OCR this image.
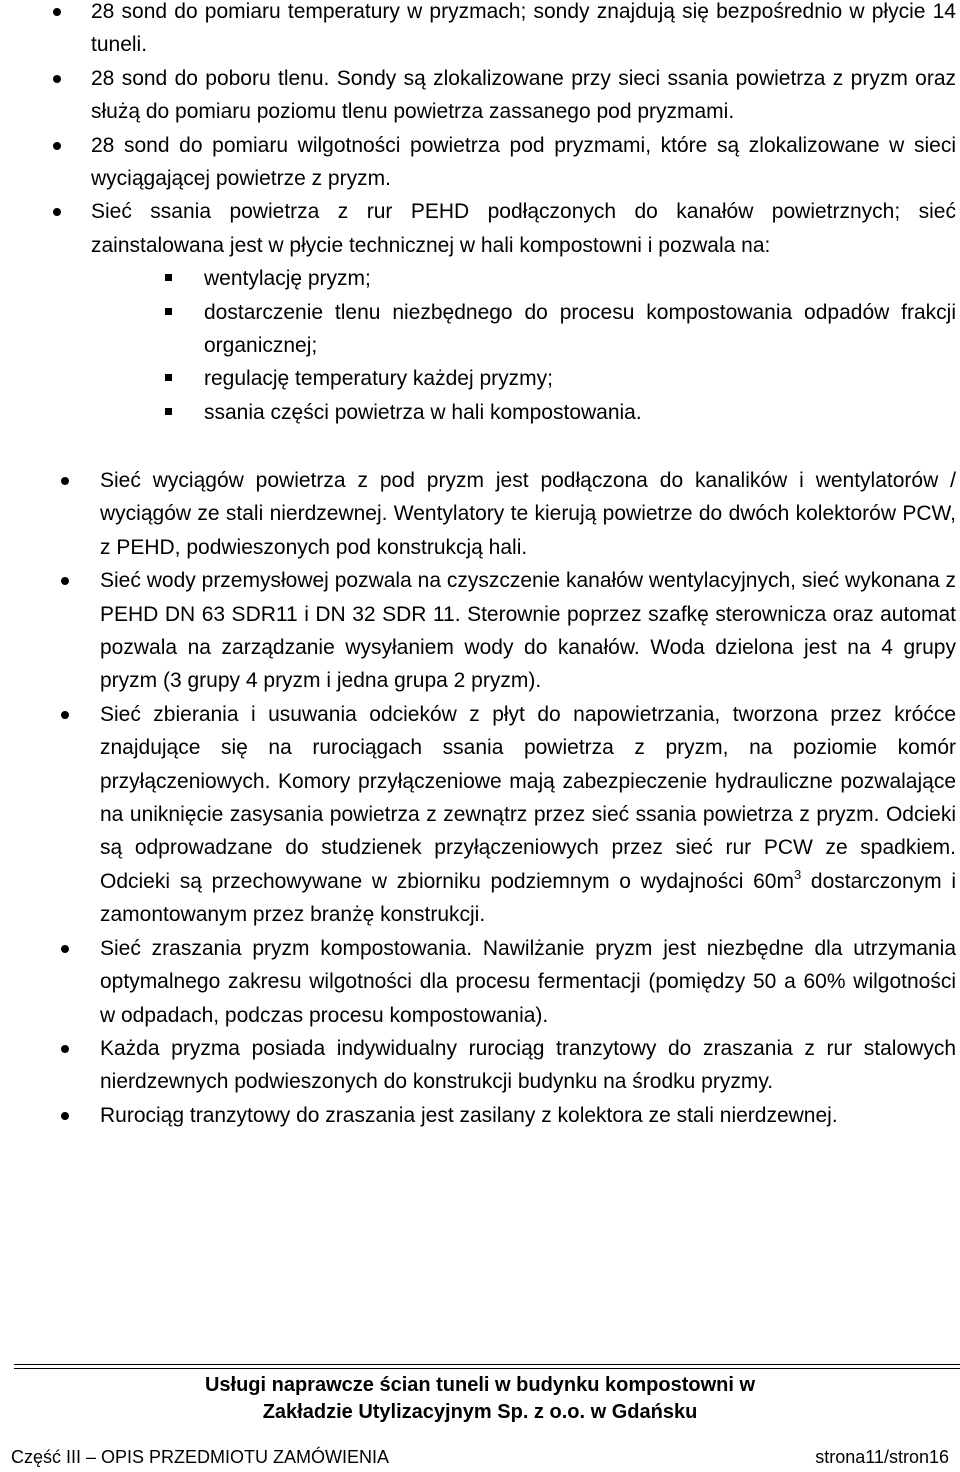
28 sond do pomiaru temperatury w pryzmach; sondy znajdują się bezpośrednio w płycie 14 tuneli.

28 sond do poboru tlenu. Sondy są zlokalizowane przy sieci ssania powietrza z pryzm oraz służą do pomiaru poziomu tlenu powietrza zassanego pod pryzmami.

28 sond do pomiaru wilgotności powietrza pod pryzmami, które są zlokalizowane w sieci wyciągającej powietrze z pryzm.

Sieć ssania powietrza z rur PEHD podłączonych do kanałów powietrznych; sieć zainstalowana jest w płycie technicznej w hali kompostowni i pozwala na:

wentylację pryzm;
dostarczenie tlenu niezbędnego do procesu kompostowania odpadów frakcji organicznej;
regulację temperatury każdej pryzmy;
ssania części powietrza w hali kompostowania.

Sieć wyciągów powietrza z pod pryzm jest podłączona do kanalików i wentylatorów / wyciągów ze stali nierdzewnej. Wentylatory te kierują powietrze do dwóch kolektorów PCW, z PEHD, podwieszonych pod konstrukcją hali.

Sieć wody przemysłowej pozwala na czyszczenie kanałów wentylacyjnych, sieć wykonana z PEHD DN 63 SDR11 i DN 32 SDR 11. Sterownie poprzez szafkę sterownicza oraz automat pozwala na zarządzanie wysyłaniem wody do kanałów. Woda dzielona jest na 4 grupy pryzm (3 grupy 4 pryzm i jedna grupa 2 pryzm).

Sieć zbierania i usuwania odcieków z płyt do napowietrzania, tworzona przez króćce znajdujące się na rurociągach ssania powietrza z pryzm, na poziomie komór przyłączeniowych. Komory przyłączeniowe mają zabezpieczenie hydrauliczne pozwalające na uniknięcie zasysania powietrza z zewnątrz przez sieć ssania powietrza z pryzm. Odcieki są odprowadzane do studzienek przyłączeniowych przez sieć rur PCW ze spadkiem. Odcieki są przechowywane w zbiorniku podziemnym o wydajności $60m^3$ dostarczonym i zamontowanym przez branżę konstrukcji.

Sieć zraszania pryzm kompostowania. Nawilżanie pryzm jest niezbędne dla utrzymania optymalnego zakresu wilgotności dla procesu fermentacji (pomiędzy 50 a 60% wilgotności w odpadach, podczas procesu kompostowania).

Każda pryzma posiada indywidualny rurociąg tranzytowy do zraszania z rur stalowych nierdzewnych podwieszonych do konstrukcji budynku na środku pryzmy.

Rurociąg tranzytowy do zraszania jest zasilany z kolektora ze stali nierdzewnej.

Usługi naprawcze ścian tuneli w budynku kompostowni w
Zakładzie Utylizacyjnym Sp. z o.o. w Gdańsku
Część III – OPIS PRZEDMIOTU ZAMÓWIENIA	strona11/stron16
